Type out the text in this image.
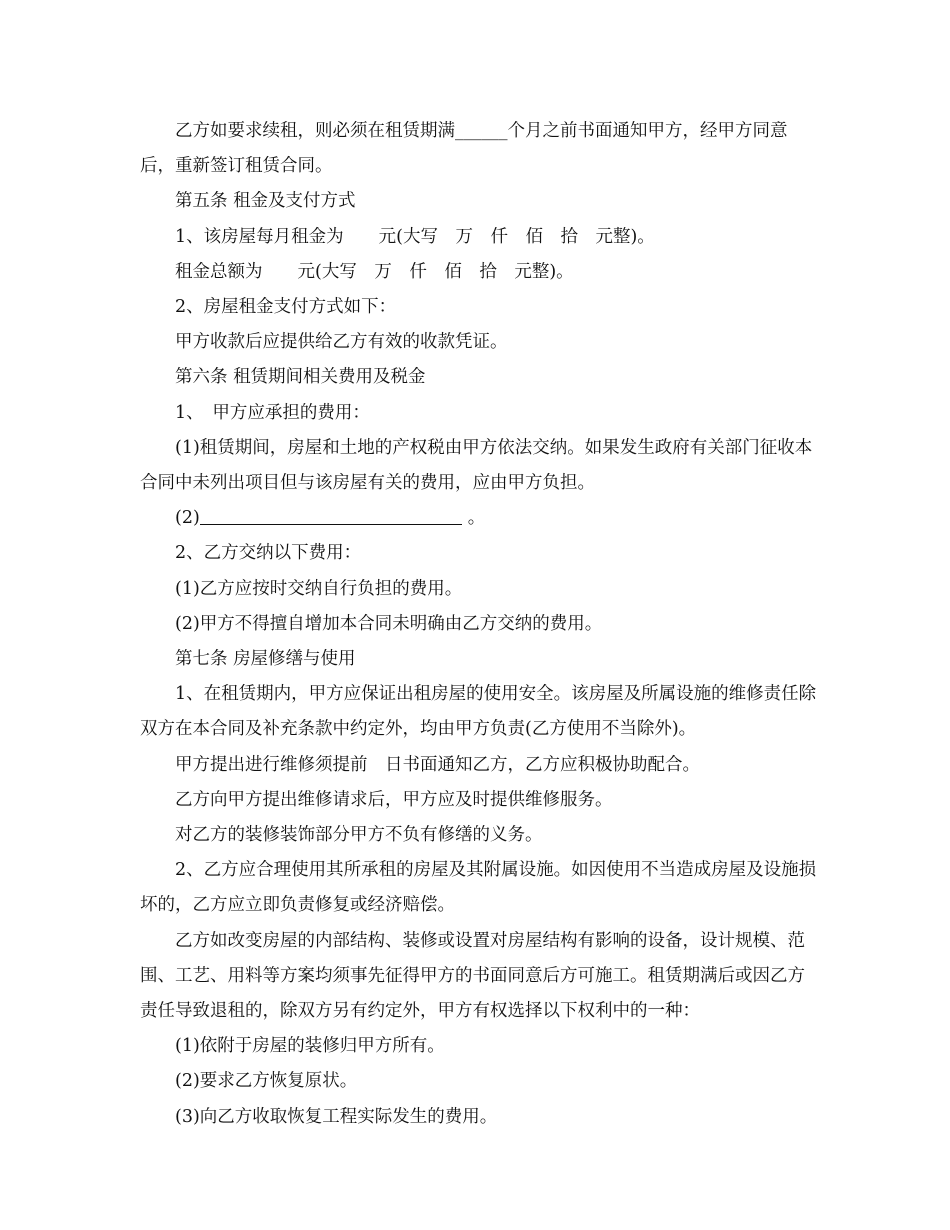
乙方如要求续租，则必须在租赁期满______个月之前书面通知甲方，经甲方同意后，重新签订租赁合同。

第五条 租金及支付方式

1、该房屋每月租金为　　元(大写　万　仟　佰　拾　元整)。

租金总额为　　元(大写　万　仟　佰　拾　元整)。

2、房屋租金支付方式如下：

甲方收款后应提供给乙方有效的收款凭证。

第六条 租赁期间相关费用及税金

1、　甲方应承担的费用：

(1)租赁期间，房屋和土地的产权税由甲方依法交纳。如果发生政府有关部门征收本合同中未列出项目但与该房屋有关的费用，应由甲方负担。

(2)	。

2、乙方交纳以下费用：

(1)乙方应按时交纳自行负担的费用。

(2)甲方不得擅自增加本合同未明确由乙方交纳的费用。

第七条 房屋修缮与使用

1、在租赁期内，甲方应保证出租房屋的使用安全。该房屋及所属设施的维修责任除双方在本合同及补充条款中约定外，均由甲方负责(乙方使用不当除外)。

甲方提出进行维修须提前　日书面通知乙方，乙方应积极协助配合。

乙方向甲方提出维修请求后，甲方应及时提供维修服务。

对乙方的装修装饰部分甲方不负有修缮的义务。

2、乙方应合理使用其所承租的房屋及其附属设施。如因使用不当造成房屋及设施损坏的，乙方应立即负责修复或经济赔偿。

乙方如改变房屋的内部结构、装修或设置对房屋结构有影响的设备，设计规模、范围、工艺、用料等方案均须事先征得甲方的书面同意后方可施工。租赁期满后或因乙方责任导致退租的，除双方另有约定外，甲方有权选择以下权利中的一种：

(1)依附于房屋的装修归甲方所有。

(2)要求乙方恢复原状。

(3)向乙方收取恢复工程实际发生的费用。
